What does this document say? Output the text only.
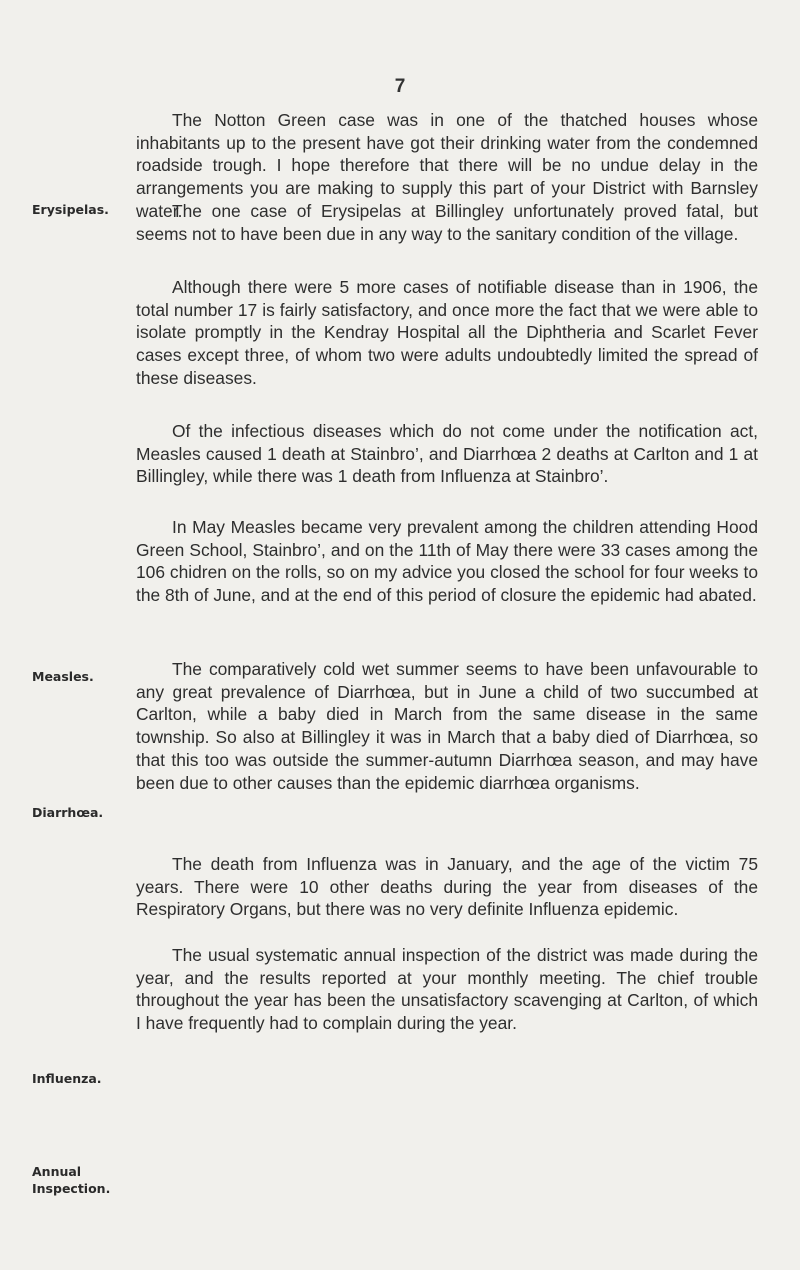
7
Erysipelas.
Measles.
Diarrhœa.
Influenza.
Annual
Inspection.

The Notton Green case was in one of the thatched houses whose inhabitants up to the present have got their drinking water from the condemned roadside trough. I hope therefore that there will be no undue delay in the arrangements you are making to supply this part of your District with Barnsley water.

The one case of Erysipelas at Billingley unfortunately proved fatal, but seems not to have been due in any way to the sanitary condition of the village.

Although there were 5 more cases of notifiable disease than in 1906, the total number 17 is fairly satisfactory, and once more the fact that we were able to isolate promptly in the Kendray Hospital all the Diphtheria and Scarlet Fever cases except three, of whom two were adults undoubtedly limited the spread of these diseases.

Of the infectious diseases which do not come under the notification act, Measles caused 1 death at Stainbro’, and Diarrhœa 2 deaths at Carlton and 1 at Billingley, while there was 1 death from Influenza at Stainbro’.

In May Measles became very prevalent among the children attending Hood Green School, Stainbro’, and on the 11th of May there were 33 cases among the 106 chidren on the rolls, so on my advice you closed the school for four weeks to the 8th of June, and at the end of this period of closure the epidemic had abated.

The comparatively cold wet summer seems to have been unfavourable to any great prevalence of Diarrhœa, but in June a child of two succumbed at Carlton, while a baby died in March from the same disease in the same township. So also at Billingley it was in March that a baby died of Diarrhœa, so that this too was outside the summer-autumn Diarrhœa season, and may have been due to other causes than the epidemic diarrhœa organisms.

The death from Influenza was in January, and the age of the victim 75 years. There were 10 other deaths during the year from diseases of the Respiratory Organs, but there was no very definite Influenza epidemic.

The usual systematic annual inspection of the district was made during the year, and the results reported at your monthly meeting. The chief trouble throughout the year has been the unsatisfactory scavenging at Carlton, of which I have frequently had to complain during the year.
